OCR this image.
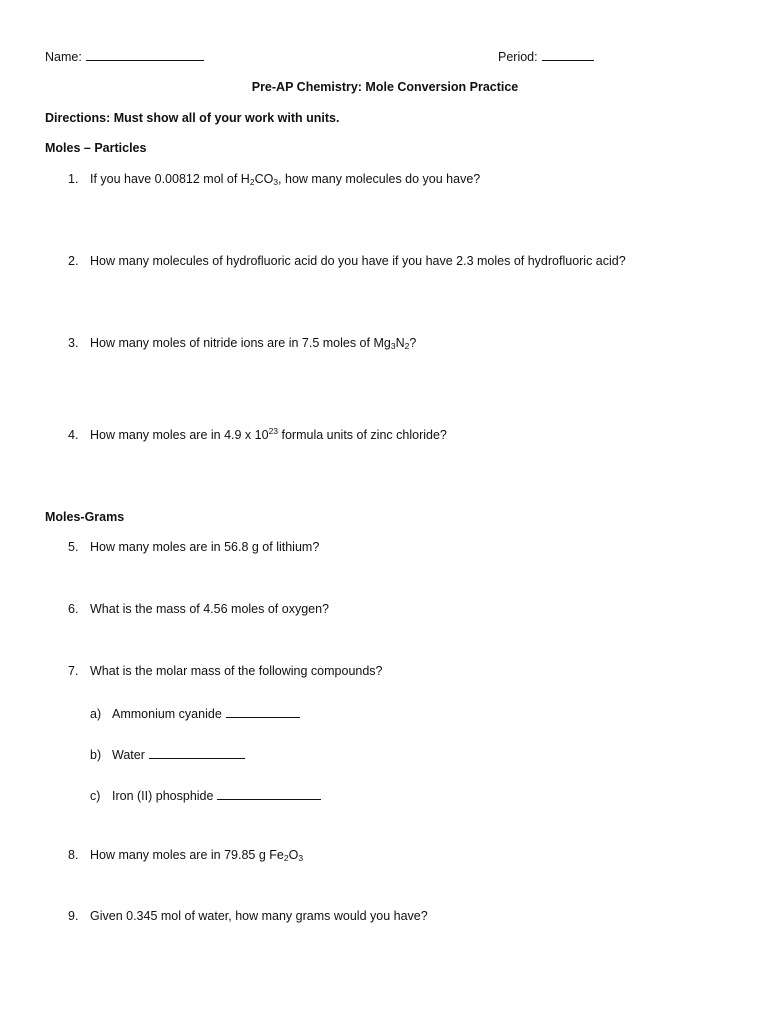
Name:	Period:
Pre-AP Chemistry: Mole Conversion Practice
Directions: Must show all of your work with units.
Moles – Particles
1. If you have 0.00812 mol of $H_2CO_3$, how many molecules do you have?
2. How many molecules of hydrofluoric acid do you have if you have 2.3 moles of hydrofluoric acid?
3. How many moles of nitride ions are in 7.5 moles of $Mg_3N_2$?
4. How many moles are in 4.9 x $10^{23}$ formula units of zinc chloride?
Moles-Grams
5. How many moles are in 56.8 g of lithium?
6. What is the mass of 4.56 moles of oxygen?
7. What is the molar mass of the following compounds?
a) Ammonium cyanide
b) Water
c) Iron (II) phosphide
8. How many moles are in 79.85 g $Fe_2O_3$
9. Given 0.345 mol of water, how many grams would you have?
